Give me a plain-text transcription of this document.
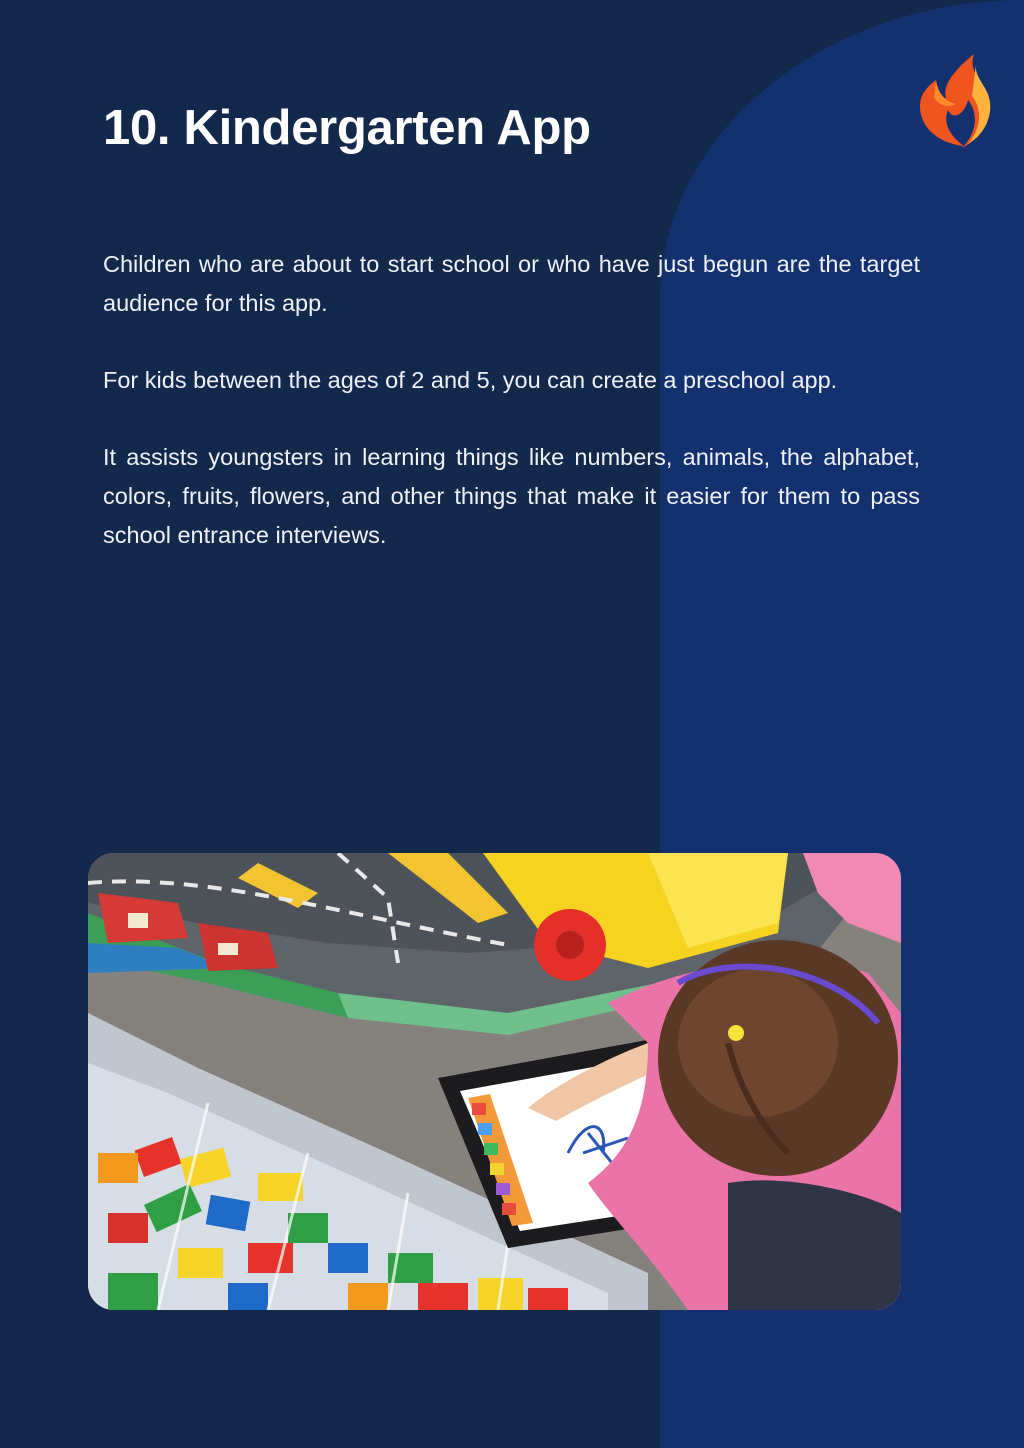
10. Kindergarten App

Children who are about to start school or who have just begun are the target audience for this app.

For kids between the ages of 2 and 5, you can create a preschool app.

It assists youngsters in learning things like numbers, animals, the alphabet, colors, fruits, flowers, and other things that make it easier for them to pass school entrance interviews.
